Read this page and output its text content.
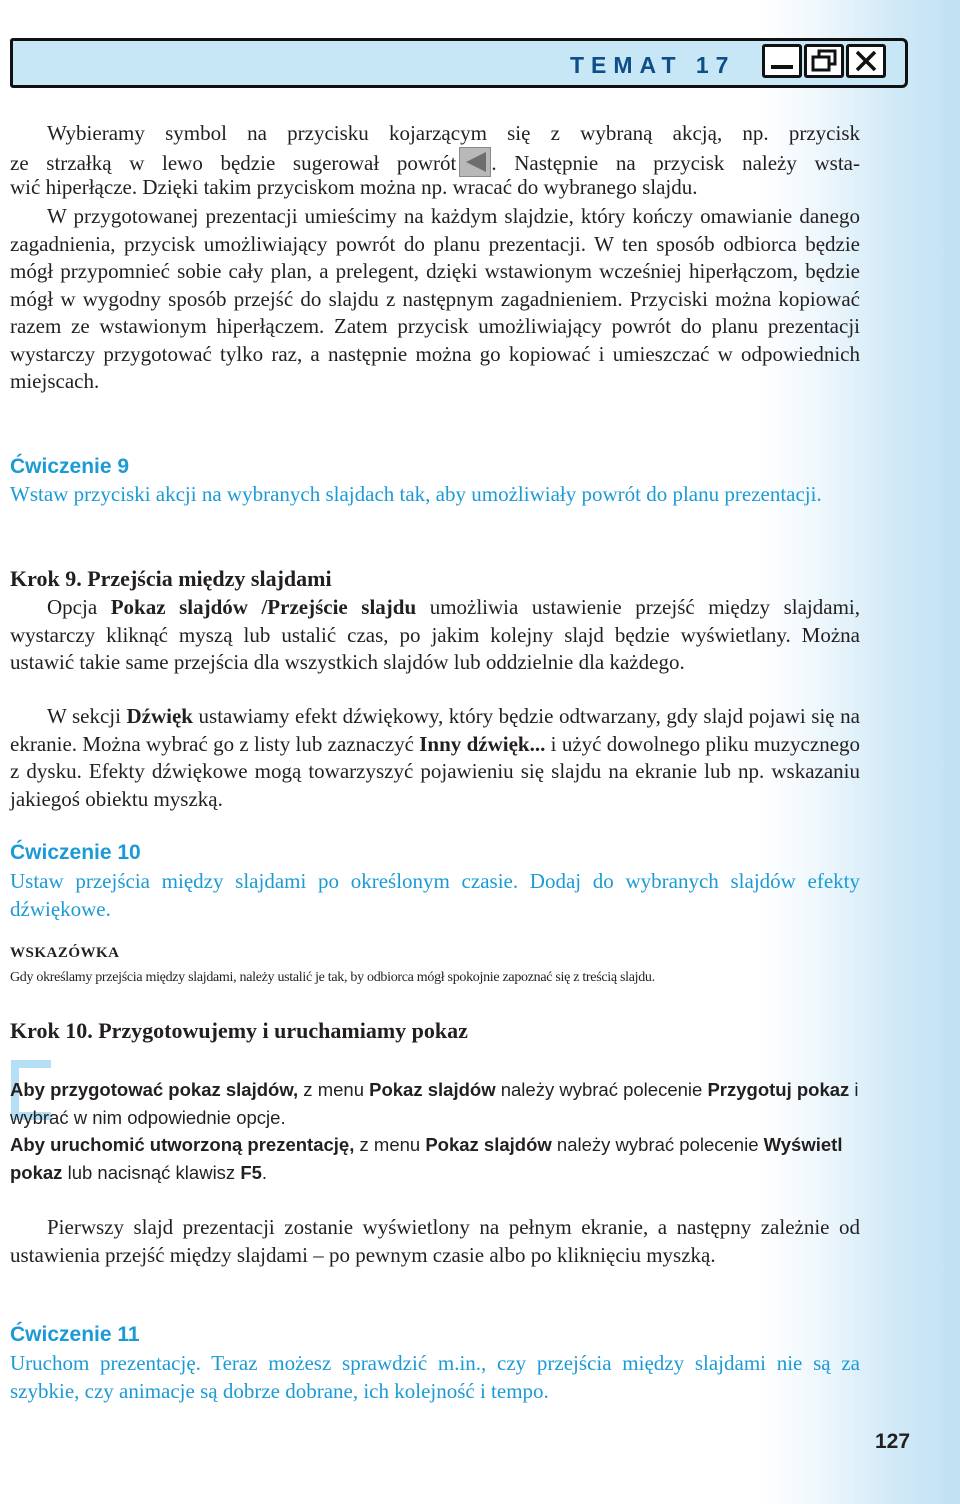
TEMAT 17

Wybieramy symbol na przycisku kojarzącym się z wybraną akcją, np. przycisk

ze strzałką w lewo będzie sugerował powrót . Następnie na przycisk należy wsta-

wić hiperłącze. Dzięki takim przyciskom można np. wracać do wybranego slajdu.

W przygotowanej prezentacji umieścimy na każdym slajdzie, który kończy omawianie danego zagadnienia, przycisk umożliwiający powrót do planu prezentacji. W ten sposób odbiorca będzie mógł przypomnieć sobie cały plan, a prelegent, dzięki wstawionym wcześniej hiperłączom, będzie mógł w wygodny sposób przejść do slajdu z następnym zagadnieniem. Przyciski można kopiować razem ze wstawionym hiperłączem. Zatem przycisk umożliwiający powrót do planu prezentacji wystarczy przygotować tylko raz, a następnie można go kopiować i umieszczać w odpowiednich miejscach.

Ćwiczenie 9

Wstaw przyciski akcji na wybranych slajdach tak, aby umożliwiały powrót do planu prezentacji.

Krok 9. Przejścia między slajdami

Opcja Pokaz slajdów /Przejście slajdu umożliwia ustawienie przejść między slajdami, wystarczy kliknąć myszą lub ustalić czas, po jakim kolejny slajd będzie wyświetlany. Można ustawić takie same przejścia dla wszystkich slajdów lub oddzielnie dla każdego.

W sekcji Dźwięk ustawiamy efekt dźwiękowy, który będzie odtwarzany, gdy slajd pojawi się na ekranie. Można wybrać go z listy lub zaznaczyć Inny dźwięk... i użyć dowolnego pliku muzycznego z dysku. Efekty dźwiękowe mogą towarzyszyć pojawieniu się slajdu na ekranie lub np. wskazaniu jakiegoś obiektu myszką.

Ćwiczenie 10

Ustaw przejścia między slajdami po określonym czasie. Dodaj do wybranych slajdów efekty dźwiękowe.

WSKAZÓWKA

Gdy określamy przejścia między slajdami, należy ustalić je tak, by odbiorca mógł spokojnie zapoznać się z treścią slajdu.

Krok 10. Przygotowujemy i uruchamiamy pokaz

Aby przygotować pokaz slajdów, z menu Pokaz slajdów należy wybrać polecenie Przygotuj pokaz i wybrać w nim odpowiednie opcje.

Aby uruchomić utworzoną prezentację, z menu Pokaz slajdów należy wybrać polecenie Wyświetl pokaz lub nacisnąć klawisz F5.

Pierwszy slajd prezentacji zostanie wyświetlony na pełnym ekranie, a następny zależnie od ustawienia przejść między slajdami – po pewnym czasie albo po kliknięciu myszką.

Ćwiczenie 11

Uruchom prezentację. Teraz możesz sprawdzić m.in., czy przejścia między slajdami nie są za szybkie, czy animacje są dobrze dobrane, ich kolejność i tempo.

127
